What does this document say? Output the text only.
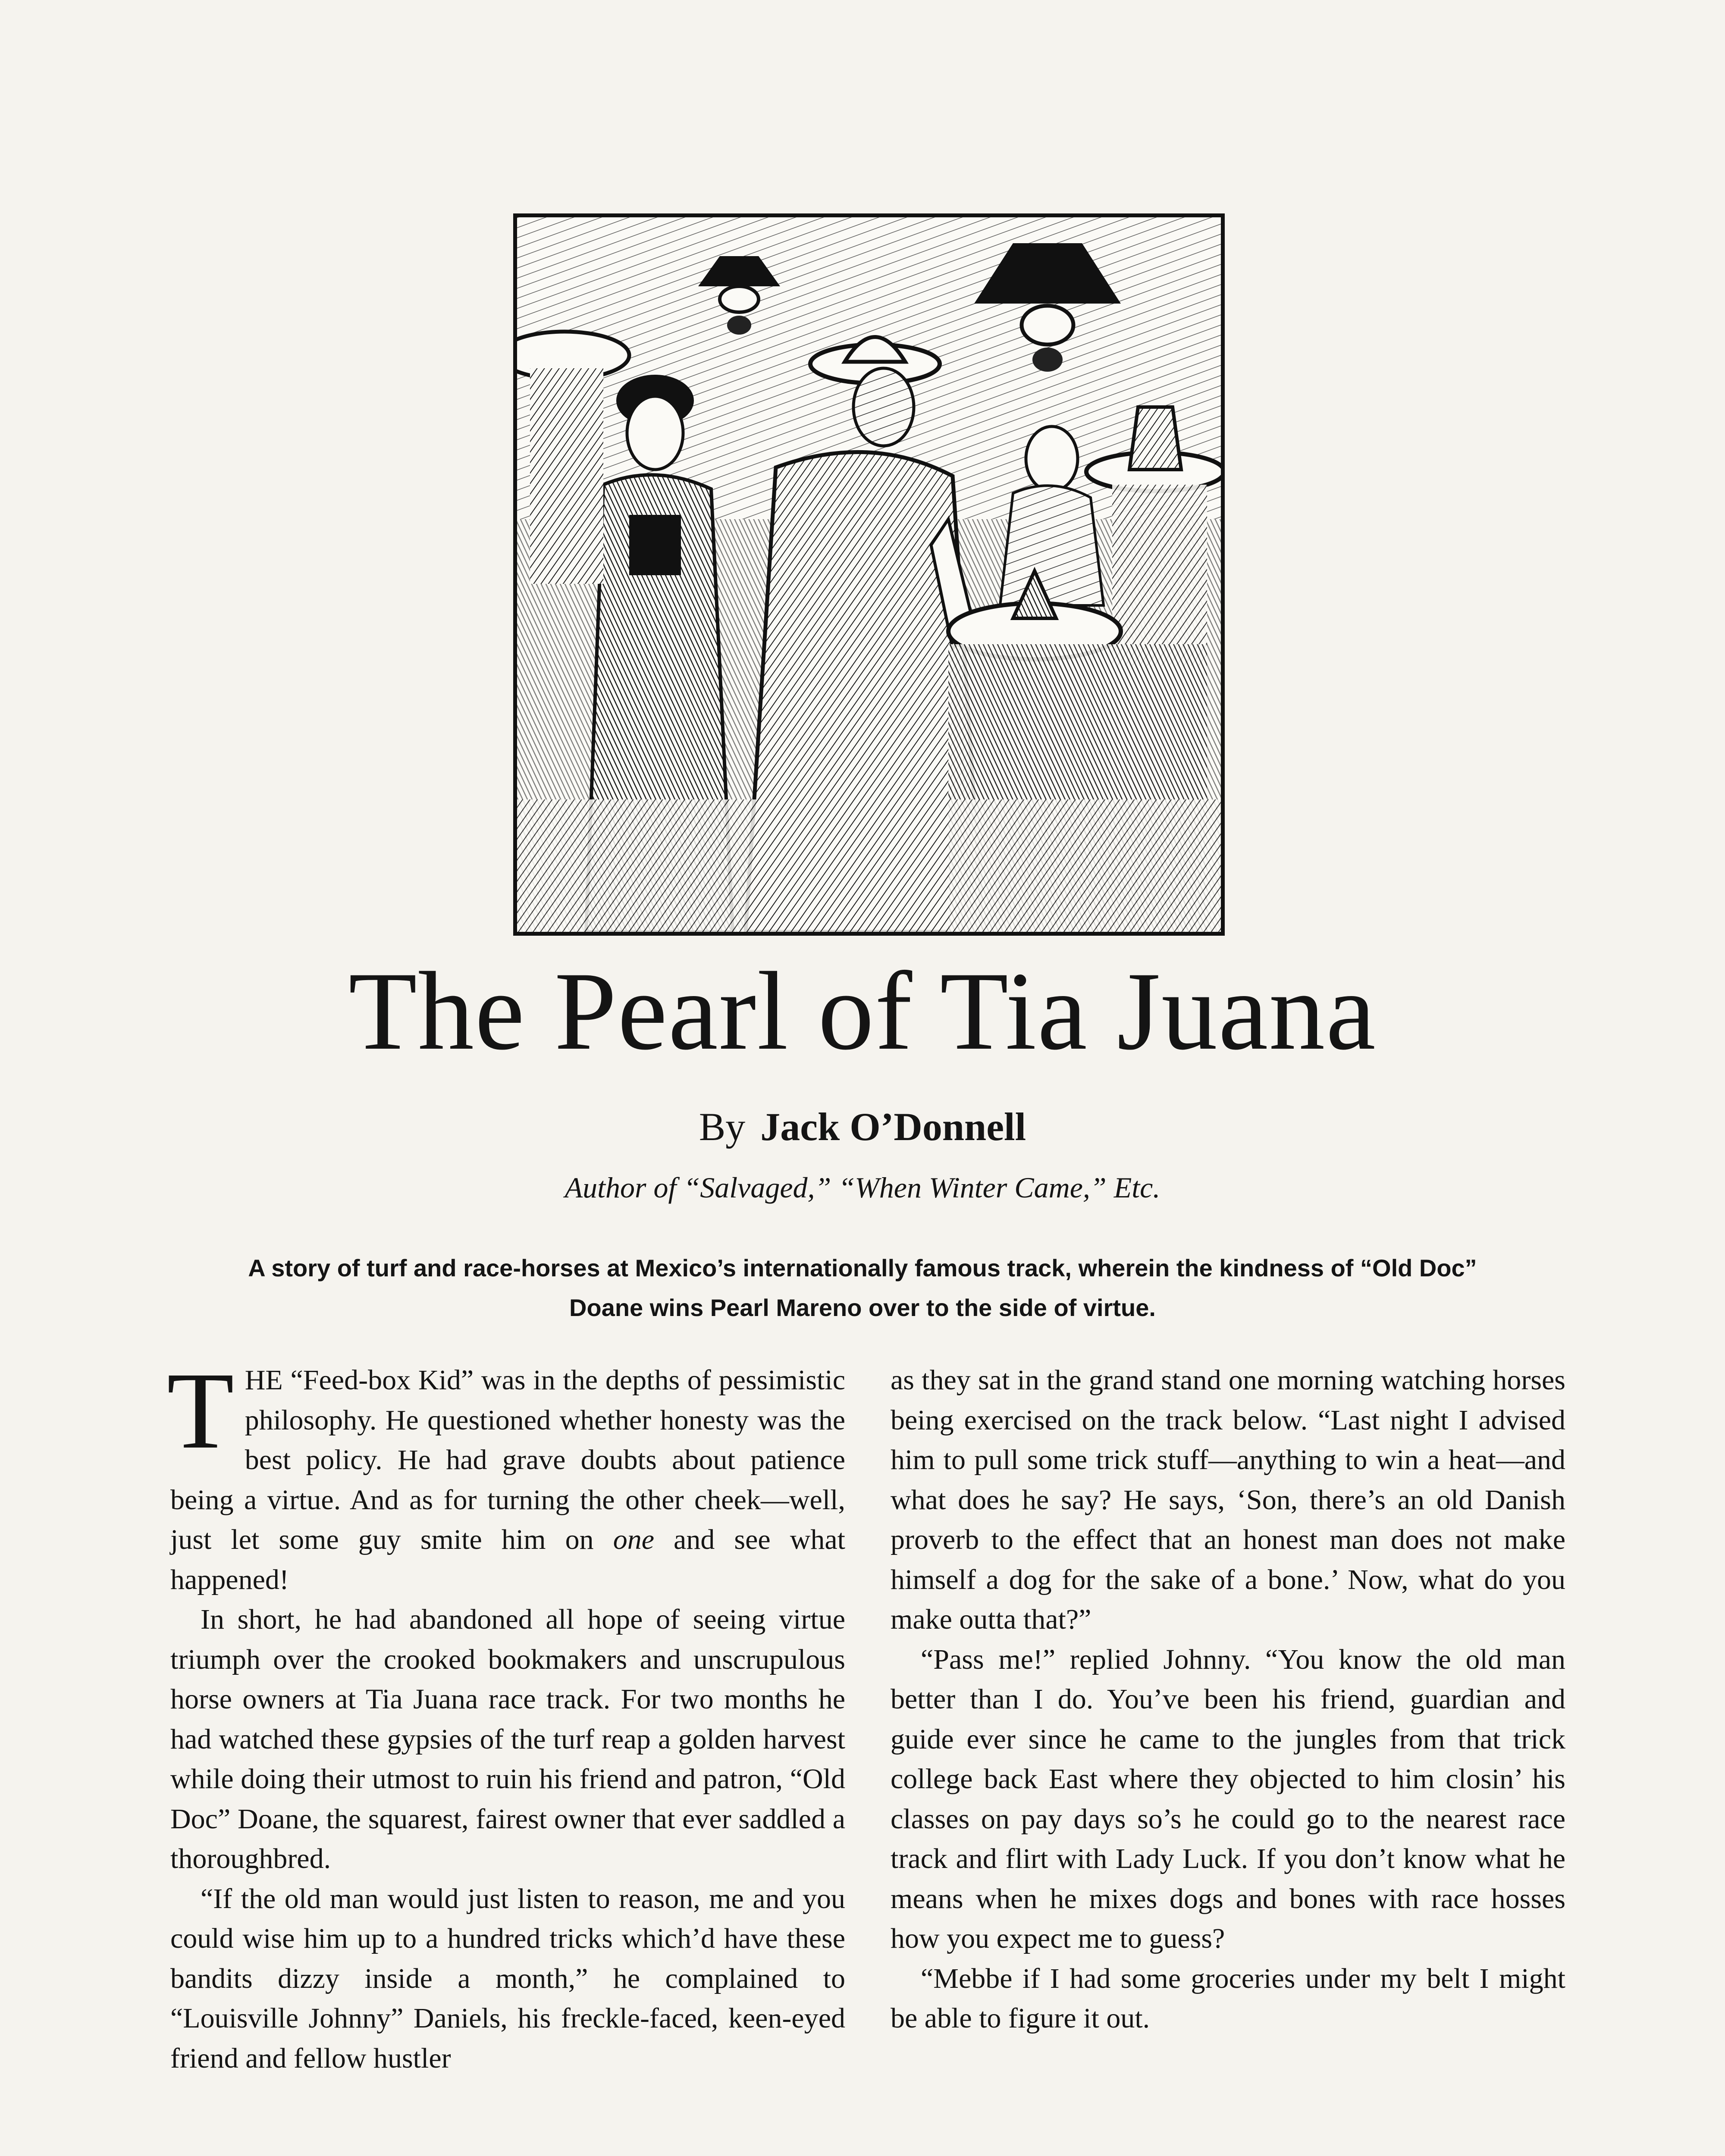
The Pearl of Tia Juana
By Jack O’Donnell
Author of “Salvaged,” “When Winter Came,” Etc.
A story of turf and race-horses at Mexico’s internationally famous track, wherein the kindness of “Old Doc” Doane wins Pearl Mareno over to the side of virtue.

THE “Feed-box Kid” was in the depths of pessimistic philosophy. He questioned whether honesty was the best policy. He had grave doubts about patience being a virtue. And as for turning the other cheek—well, just let some guy smite him on one and see what happened!

In short, he had abandoned all hope of seeing virtue triumph over the crooked bookmakers and unscrupulous horse owners at Tia Juana race track. For two months he had watched these gypsies of the turf reap a golden harvest while doing their utmost to ruin his friend and patron, “Old Doc” Doane, the squarest, fairest owner that ever saddled a thoroughbred.

“If the old man would just listen to reason, me and you could wise him up to a hundred tricks which’d have these bandits dizzy inside a month,” he complained to “Louisville Johnny” Daniels, his freckle-faced, keen-eyed friend and fellow hustler

as they sat in the grand stand one morning watching horses being exercised on the track below. “Last night I advised him to pull some trick stuff—anything to win a heat—and what does he say? He says, ‘Son, there’s an old Danish proverb to the effect that an honest man does not make himself a dog for the sake of a bone.’ Now, what do you make outta that?”

“Pass me!” replied Johnny. “You know the old man better than I do. You’ve been his friend, guardian and guide ever since he came to the jungles from that trick college back East where they objected to him closin’ his classes on pay days so’s he could go to the nearest race track and flirt with Lady Luck. If you don’t know what he means when he mixes dogs and bones with race hosses how you expect me to guess?

“Mebbe if I had some groceries under my belt I might be able to figure it out.
